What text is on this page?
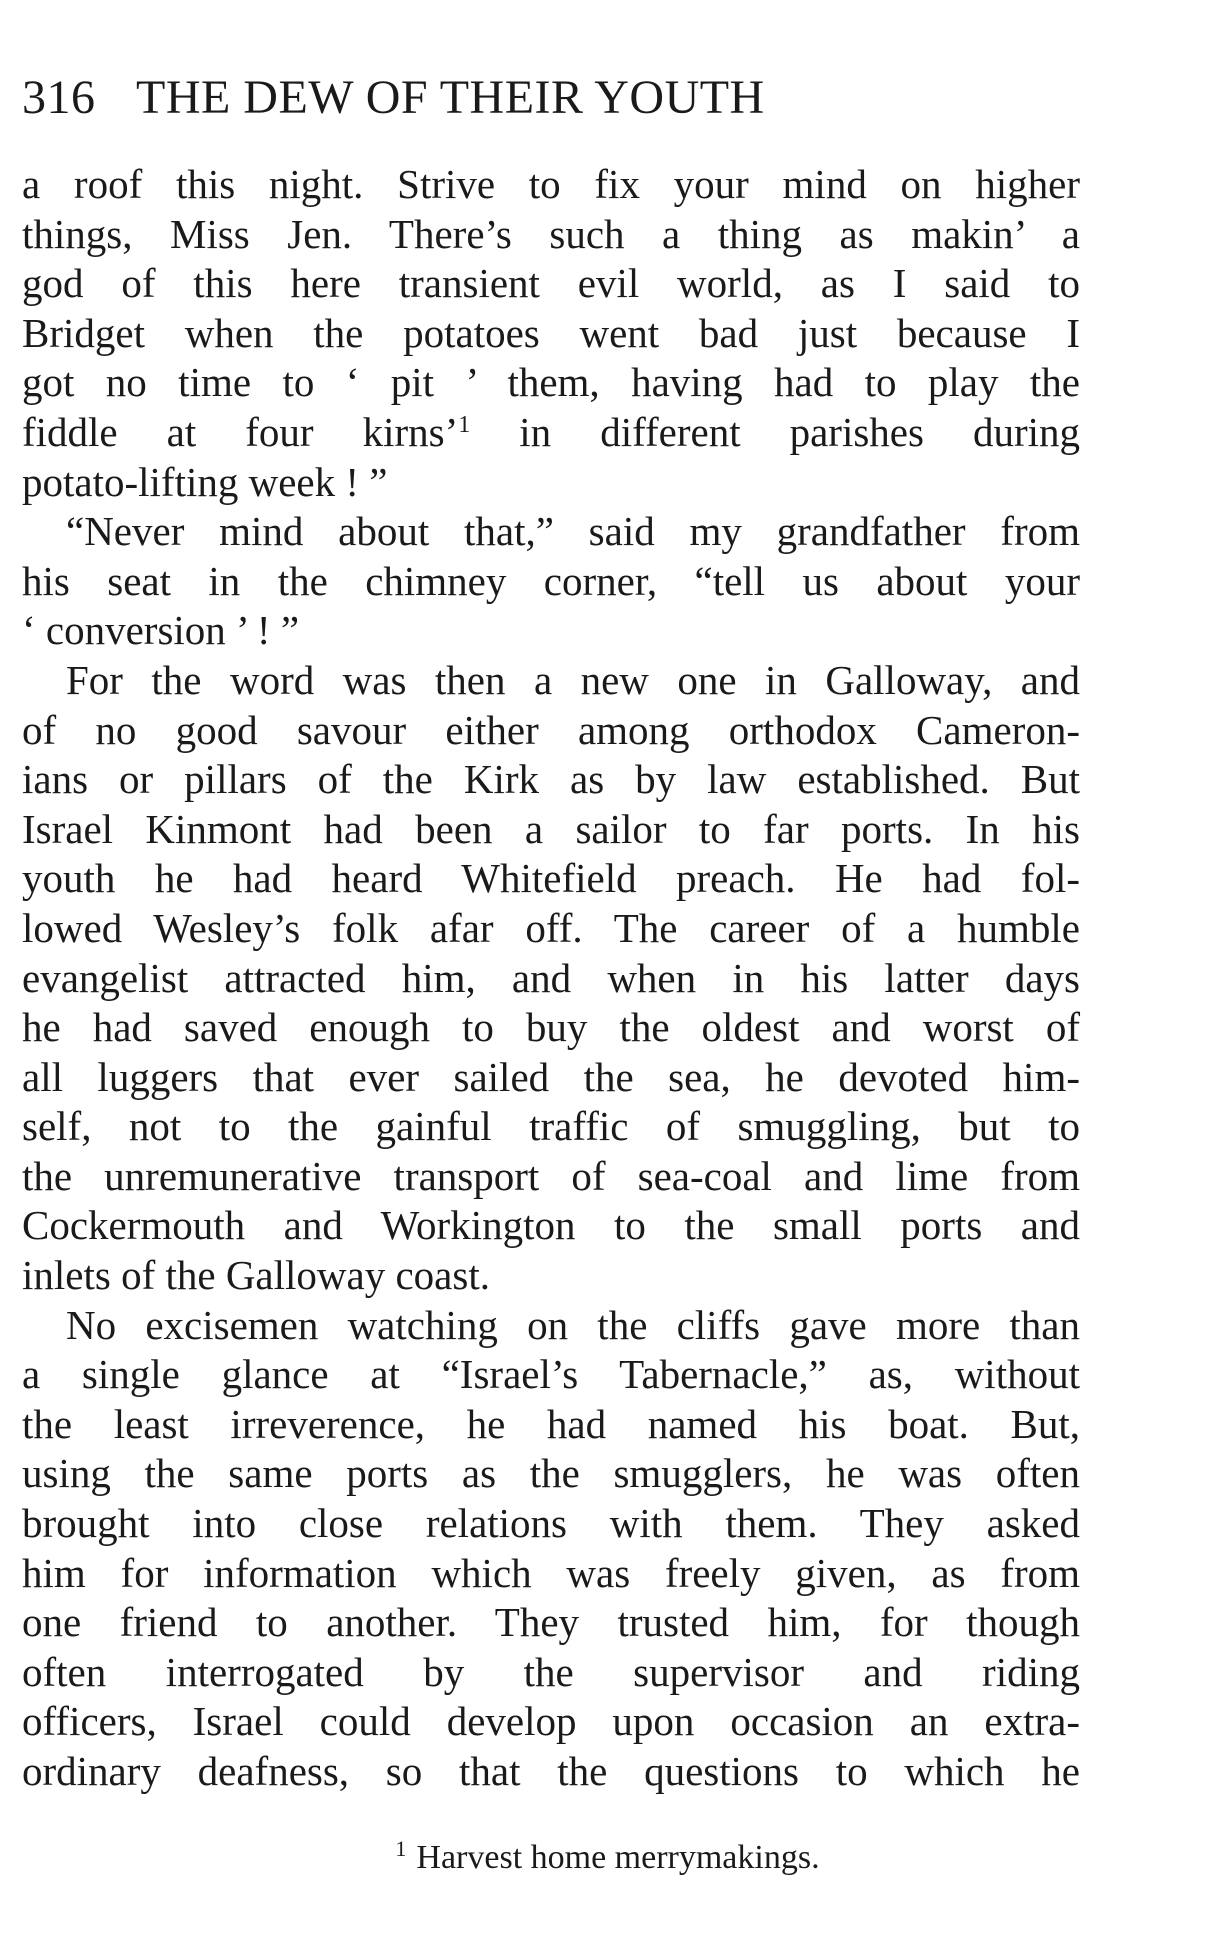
316 THE DEW OF THEIR YOUTH
a roof this night. Strive to fix your mind on higher
things, Miss Jen. There’s such a thing as makin’ a
god of this here transient evil world, as I said to
Bridget when the potatoes went bad just because I
got no time to ‘ pit ’ them, having had to play the
fiddle at four kirns’$^1$ in different parishes during
potato-lifting week ! ”
“Never mind about that,” said my grandfather from
his seat in the chimney corner, “tell us about your
‘ conversion ’ ! ”
For the word was then a new one in Galloway, and
of no good savour either among orthodox Cameron-
ians or pillars of the Kirk as by law established. But
Israel Kinmont had been a sailor to far ports. In his
youth he had heard Whitefield preach. He had fol-
lowed Wesley’s folk afar off. The career of a humble
evangelist attracted him, and when in his latter days
he had saved enough to buy the oldest and worst of
all luggers that ever sailed the sea, he devoted him-
self, not to the gainful traffic of smuggling, but to
the unremunerative transport of sea-coal and lime from
Cockermouth and Workington to the small ports and
inlets of the Galloway coast.
No excisemen watching on the cliffs gave more than
a single glance at “Israel’s Tabernacle,” as, without
the least irreverence, he had named his boat. But,
using the same ports as the smugglers, he was often
brought into close relations with them. They asked
him for information which was freely given, as from
one friend to another. They trusted him, for though
often interrogated by the supervisor and riding
officers, Israel could develop upon occasion an extra-
ordinary deafness, so that the questions to which he
$^1$ Harvest home merrymakings.
